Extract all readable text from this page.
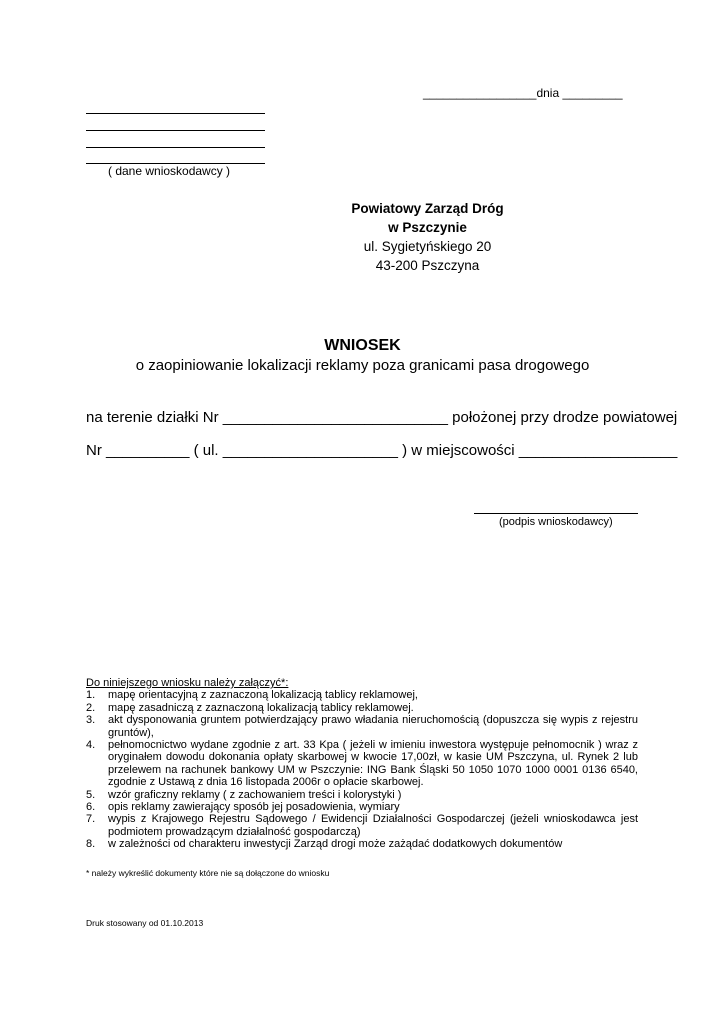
_________________dnia _________
( dane wnioskodawcy )
Powiatowy Zarząd Dróg
w Pszczynie
ul. Sygietyńskiego 20
43-200 Pszczyna
WNIOSEK
o zaopiniowanie lokalizacji reklamy poza granicami pasa drogowego
na terenie działki Nr ___________________________ położonej przy drodze powiatowej
Nr __________ ( ul. _____________________ ) w miejscowości ___________________
(podpis wnioskodawcy)
Do niniejszego wniosku należy załączyć*:
1.	mapę orientacyjną z zaznaczoną lokalizacją tablicy reklamowej,
2.	mapę zasadniczą z zaznaczoną lokalizacją tablicy reklamowej.
3.	akt dysponowania gruntem potwierdzający prawo władania nieruchomością (dopuszcza się wypis z rejestru gruntów),
4.	pełnomocnictwo wydane zgodnie z art. 33 Kpa ( jeżeli w imieniu inwestora występuje pełnomocnik ) wraz z oryginałem dowodu dokonania opłaty skarbowej w kwocie 17,00zł, w kasie UM Pszczyna, ul. Rynek 2 lub przelewem na rachunek bankowy UM w Pszczynie: ING Bank Śląski 50 1050 1070 1000 0001 0136 6540, zgodnie z Ustawą z dnia 16 listopada 2006r o opłacie skarbowej.
5.	wzór graficzny reklamy ( z zachowaniem treści i kolorystyki )
6.	opis reklamy zawierający sposób jej posadowienia, wymiary
7.	wypis z Krajowego Rejestru Sądowego / Ewidencji Działalności Gospodarczej (jeżeli wnioskodawca jest podmiotem prowadzącym działalność gospodarczą)
8.	w zależności od charakteru inwestycji Zarząd drogi może zażądać dodatkowych dokumentów
* należy wykreślić dokumenty które nie są dołączone do wniosku
Druk stosowany od 01.10.2013
